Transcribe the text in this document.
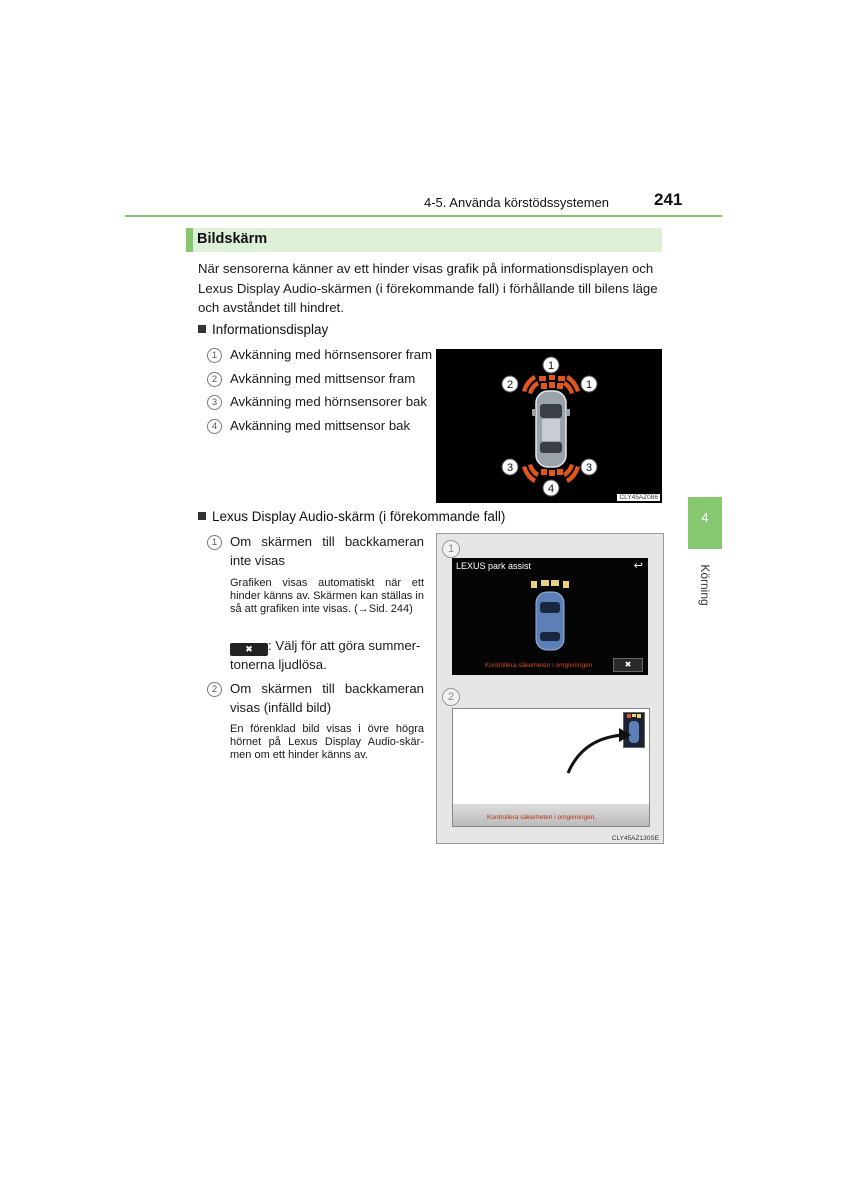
4-5. Använda körstödssystemen	241
4
Körning
Bildskärm
När sensorerna känner av ett hinder visas grafik på informationsdisplayen och Lexus Display Audio-skärmen (i förekommande fall) i förhållande till bilens läge och avståndet till hindret.
Informationsdisplay
1 Avkänning med hörnsensorer fram
2 Avkänning med mittsensor fram
3 Avkänning med hörnsensorer bak
4 Avkänning med mittsensor bak
1
2	1
3
4
3
CLY45AZ086
Lexus Display Audio-skärm (i förekommande fall)
1 Om skärmen till backkameran
inte visas
Grafiken visas automatiskt när ett hinder känns av. Skärmen kan ställas in så att grafiken inte visas. (→Sid. 244)
✖ : Välj för att göra summer-
tonerna ljudlösa.
2 Om skärmen till backkameran
visas (infälld bild)
En förenklad bild visas i övre högra hörnet på Lexus Display Audio-skär-men om ett hinder känns av.
1
LEXUS park assist	↩
Kontrollera säkerheten i omgivningen.	✖
2
Kontrollera säkerheten i omgivningen.
CLY45AZ130SE
